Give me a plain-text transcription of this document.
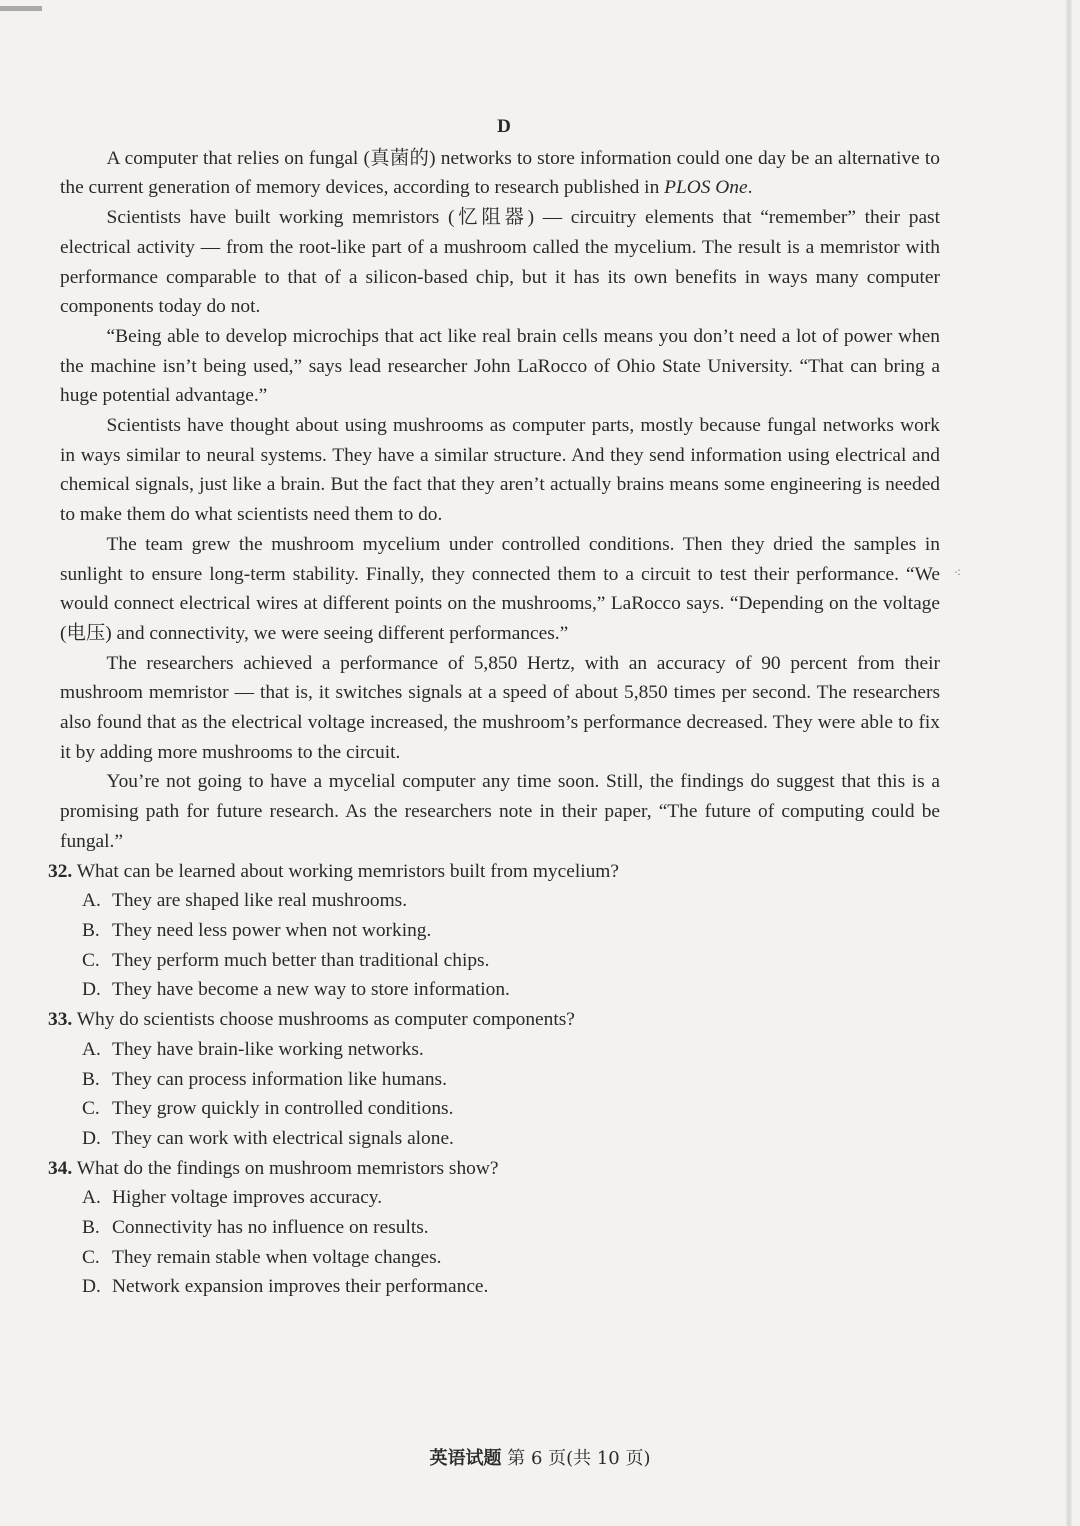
⁖
D

A computer that relies on fungal (真菌的) networks to store information could one day be an alternative to the current generation of memory devices, according to research published in PLOS One.

Scientists have built working memristors (忆阻器) — circuitry elements that “remember” their past electrical activity — from the root-like part of a mushroom called the mycelium. The result is a memristor with performance comparable to that of a silicon-based chip, but it has its own benefits in ways many computer components today do not.

“Being able to develop microchips that act like real brain cells means you don’t need a lot of power when the machine isn’t being used,” says lead researcher John LaRocco of Ohio State University. “That can bring a huge potential advantage.”

Scientists have thought about using mushrooms as computer parts, mostly because fungal networks work in ways similar to neural systems. They have a similar structure. And they send information using electrical and chemical signals, just like a brain. But the fact that they aren’t actually brains means some engineering is needed to make them do what scientists need them to do.

The team grew the mushroom mycelium under controlled conditions. Then they dried the samples in sunlight to ensure long-term stability. Finally, they connected them to a circuit to test their performance. “We would connect electrical wires at different points on the mushrooms,” LaRocco says. “Depending on the voltage (电压) and connectivity, we were seeing different performances.”

The researchers achieved a performance of 5,850 Hertz, with an accuracy of 90 percent from their mushroom memristor — that is, it switches signals at a speed of about 5,850 times per second. The researchers also found that as the electrical voltage increased, the mushroom’s performance decreased. They were able to fix it by adding more mushrooms to the circuit.

You’re not going to have a mycelial computer any time soon. Still, the findings do suggest that this is a promising path for future research. As the researchers note in their paper, “The future of computing could be fungal.”

32. What can be learned about working memristors built from mycelium?

A. They are shaped like real mushrooms.

B. They need less power when not working.

C. They perform much better than traditional chips.

D. They have become a new way to store information.

33. Why do scientists choose mushrooms as computer components?

A. They have brain-like working networks.

B. They can process information like humans.

C. They grow quickly in controlled conditions.

D. They can work with electrical signals alone.

34. What do the findings on mushroom memristors show?

A. Higher voltage improves accuracy.

B. Connectivity has no influence on results.

C. They remain stable when voltage changes.

D. Network expansion improves their performance.

英语试题 第 6 页(共 10 页)
